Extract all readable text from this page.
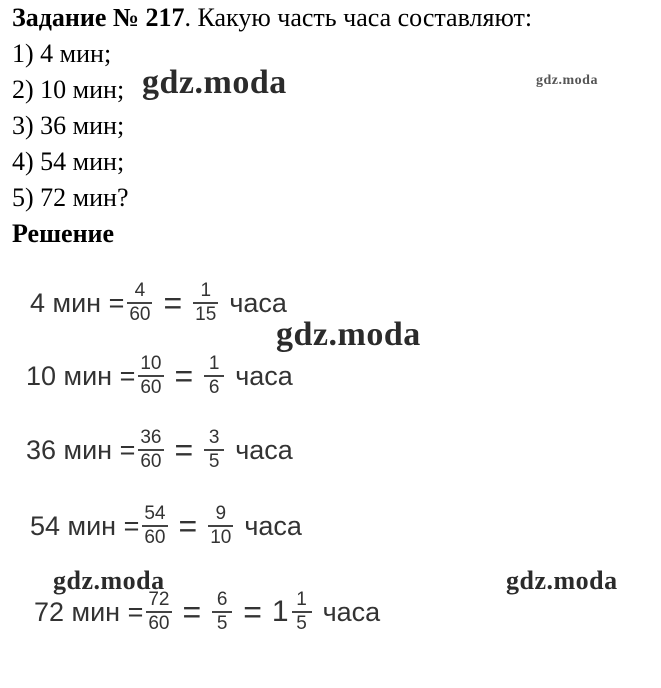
Задание № 217. Какую часть часа составляют:
1) 4 мин;
2) 10 мин;
3) 36 мин;
4) 54 мин;
5) 72 мин?
Решение
4 мин = $\frac{4}{60} = \frac{1}{15}$ часа
10 мин = $\frac{10}{60} = \frac{1}{6}$ часа
36 мин = $\frac{36}{60} = \frac{3}{5}$ часа
54 мин = $\frac{54}{60} = \frac{9}{10}$ часа
72 мин = $\frac{72}{60} = \frac{6}{5} = 1 \frac{1}{5}$ часа
gdz.moda	gdz.moda
gdz.moda
gdz.moda	gdz.moda
